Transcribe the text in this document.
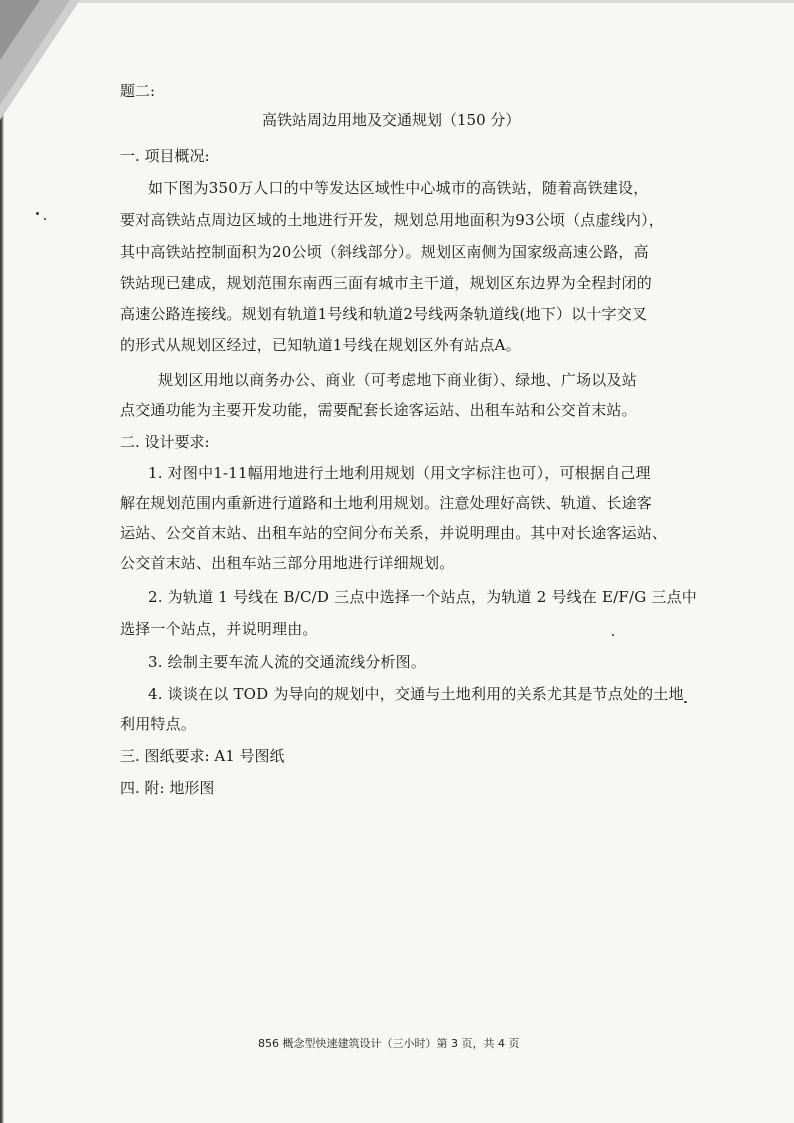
题二:
高铁站周边用地及交通规划（150 分）
一. 项目概况:
如下图为350万人口的中等发达区域性中心城市的高铁站，随着高铁建设，
要对高铁站点周边区域的土地进行开发，规划总用地面积为93公顷（点虚线内），
其中高铁站控制面积为20公顷（斜线部分）。规划区南侧为国家级高速公路，高
铁站现已建成，规划范围东南西三面有城市主干道，规划区东边界为全程封闭的
高速公路连接线。规划有轨道1号线和轨道2号线两条轨道线(地下）以十字交叉
的形式从规划区经过，已知轨道1号线在规划区外有站点A。
规划区用地以商务办公、商业（可考虑地下商业街）、绿地、广场以及站
点交通功能为主要开发功能，需要配套长途客运站、出租车站和公交首末站。
二. 设计要求:
1. 对图中1-11幅用地进行土地利用规划（用文字标注也可），可根据自己理
解在规划范围内重新进行道路和土地利用规划。注意处理好高铁、轨道、长途客
运站、公交首末站、出租车站的空间分布关系，并说明理由。其中对长途客运站、
公交首末站、出租车站三部分用地进行详细规划。
2. 为轨道 1 号线在 B/C/D 三点中选择一个站点，为轨道 2 号线在 E/F/G 三点中
选择一个站点，并说明理由。
3. 绘制主要车流人流的交通流线分析图。
4. 谈谈在以 TOD 为导向的规划中，交通与土地利用的关系尤其是节点处的土地
利用特点。
三. 图纸要求: A1 号图纸
四. 附: 地形图
856 概念型快速建筑设计（三小时）第 3 页，共 4 页
